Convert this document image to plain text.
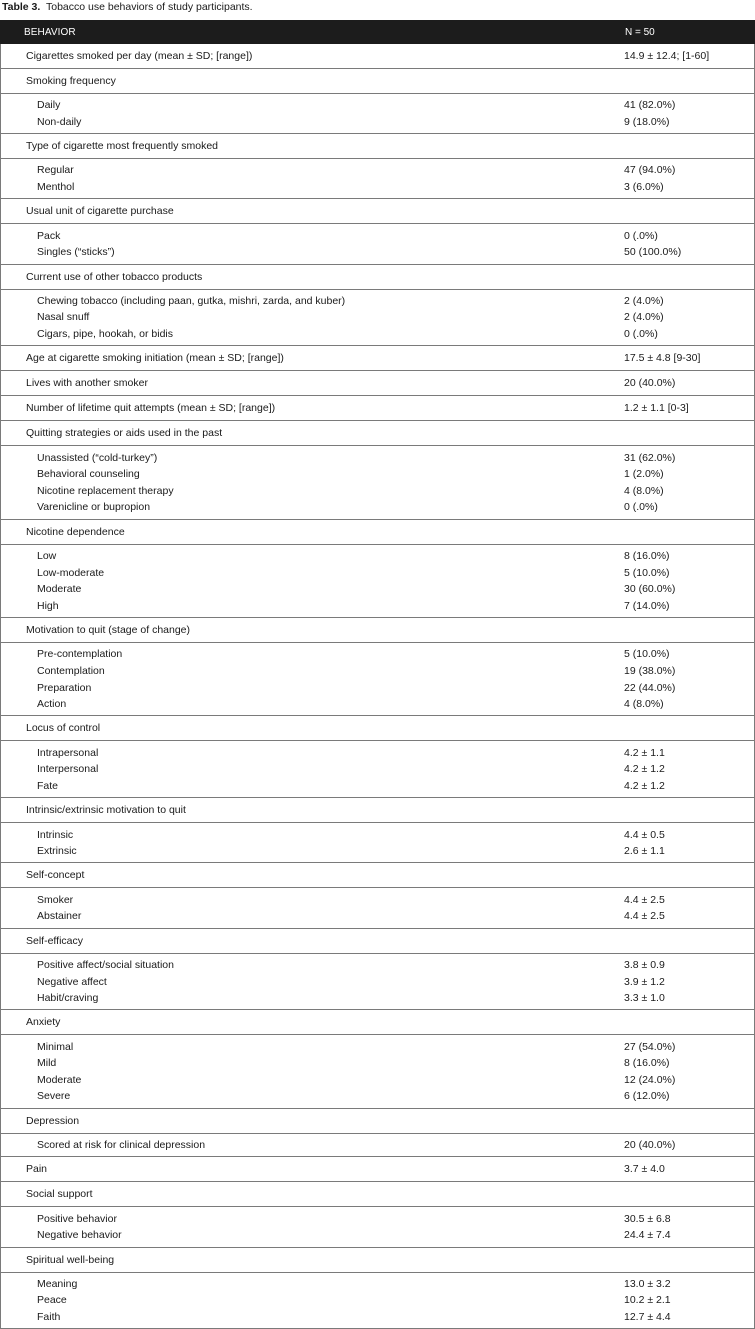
Table 3. Tobacco use behaviors of study participants.
BEHAVIOR	N = 50
Cigarettes smoked per day (mean ± SD; [range])	14.9 ± 12.4; [1-60]
Smoking frequency
Daily	41 (82.0%)
Non-daily	9 (18.0%)
Type of cigarette most frequently smoked
Regular	47 (94.0%)
Menthol	3 (6.0%)
Usual unit of cigarette purchase
Pack	0 (.0%)
Singles (“sticks”)	50 (100.0%)
Current use of other tobacco products
Chewing tobacco (including paan, gutka, mishri, zarda, and kuber)	2 (4.0%)
Nasal snuff	2 (4.0%)
Cigars, pipe, hookah, or bidis	0 (.0%)
Age at cigarette smoking initiation (mean ± SD; [range])	17.5 ± 4.8 [9-30]
Lives with another smoker	20 (40.0%)
Number of lifetime quit attempts (mean ± SD; [range])	1.2 ± 1.1 [0-3]
Quitting strategies or aids used in the past
Unassisted (“cold-turkey”)	31 (62.0%)
Behavioral counseling	1 (2.0%)
Nicotine replacement therapy	4 (8.0%)
Varenicline or bupropion	0 (.0%)
Nicotine dependence
Low	8 (16.0%)
Low-moderate	5 (10.0%)
Moderate	30 (60.0%)
High	7 (14.0%)
Motivation to quit (stage of change)
Pre-contemplation	5 (10.0%)
Contemplation	19 (38.0%)
Preparation	22 (44.0%)
Action	4 (8.0%)
Locus of control
Intrapersonal	4.2 ± 1.1
Interpersonal	4.2 ± 1.2
Fate	4.2 ± 1.2
Intrinsic/extrinsic motivation to quit
Intrinsic	4.4 ± 0.5
Extrinsic	2.6 ± 1.1
Self-concept
Smoker	4.4 ± 2.5
Abstainer	4.4 ± 2.5
Self-efficacy
Positive affect/social situation	3.8 ± 0.9
Negative affect	3.9 ± 1.2
Habit/craving	3.3 ± 1.0
Anxiety
Minimal	27 (54.0%)
Mild	8 (16.0%)
Moderate	12 (24.0%)
Severe	6 (12.0%)
Depression
Scored at risk for clinical depression	20 (40.0%)
Pain	3.7 ± 4.0
Social support
Positive behavior	30.5 ± 6.8
Negative behavior	24.4 ± 7.4
Spiritual well-being
Meaning	13.0 ± 3.2
Peace	10.2 ± 2.1
Faith	12.7 ± 4.4
